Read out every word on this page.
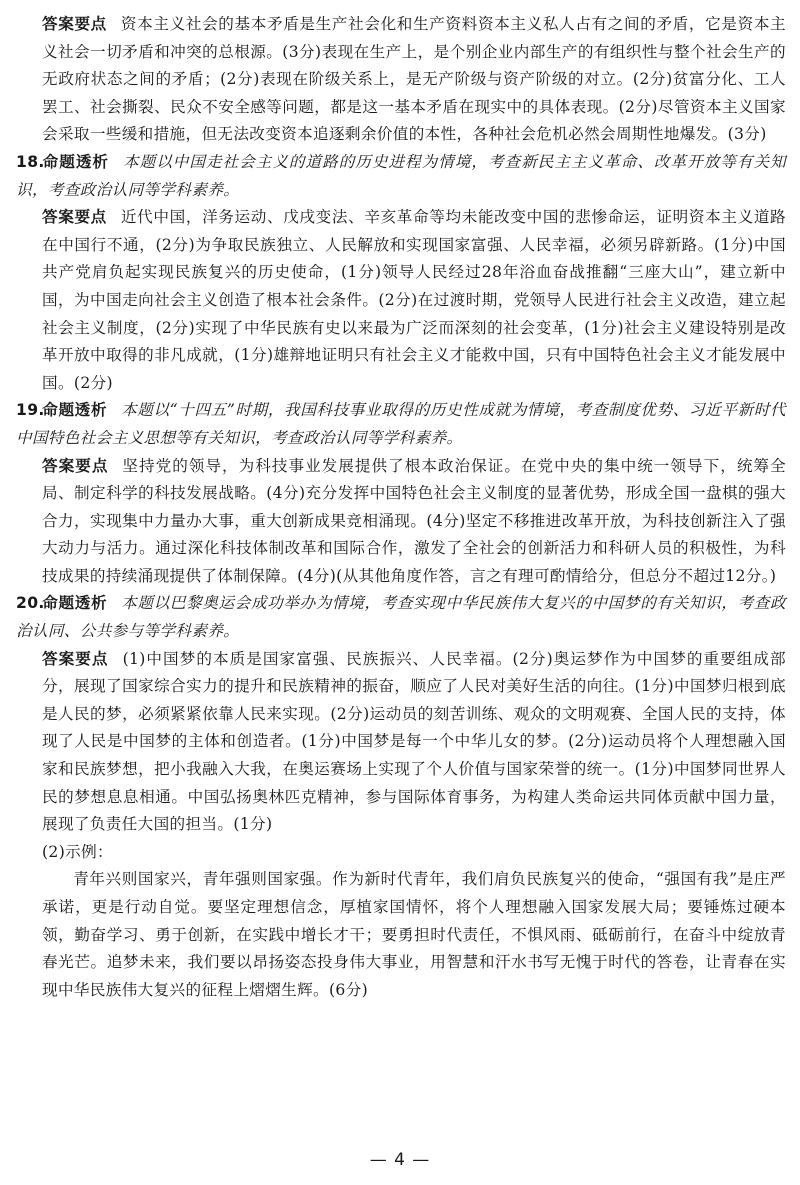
答案要点 资本主义社会的基本矛盾是生产社会化和生产资料资本主义私人占有之间的矛盾，它是资本主义社会一切矛盾和冲突的总根源。(3分)表现在生产上，是个别企业内部生产的有组织性与整个社会生产的无政府状态之间的矛盾；(2分)表现在阶级关系上，是无产阶级与资产阶级的对立。(2分)贫富分化、工人罢工、社会撕裂、民众不安全感等问题，都是这一基本矛盾在现实中的具体表现。(2分)尽管资本主义国家会采取一些缓和措施，但无法改变资本追逐剩余价值的本性，各种社会危机必然会周期性地爆发。(3分)
18.命题透析 本题以中国走社会主义的道路的历史进程为情境，考查新民主主义革命、改革开放等有关知识，考查政治认同等学科素养。
答案要点 近代中国，洋务运动、戊戌变法、辛亥革命等均未能改变中国的悲惨命运，证明资本主义道路在中国行不通，(2分)为争取民族独立、人民解放和实现国家富强、人民幸福，必须另辟新路。(1分)中国共产党肩负起实现民族复兴的历史使命，(1分)领导人民经过28年浴血奋战推翻“三座大山”，建立新中国，为中国走向社会主义创造了根本社会条件。(2分)在过渡时期，党领导人民进行社会主义改造，建立起社会主义制度，(2分)实现了中华民族有史以来最为广泛而深刻的社会变革，(1分)社会主义建设特别是改革开放中取得的非凡成就，(1分)雄辩地证明只有社会主义才能救中国，只有中国特色社会主义才能发展中国。(2分)
19.命题透析 本题以“十四五”时期，我国科技事业取得的历史性成就为情境，考查制度优势、习近平新时代中国特色社会主义思想等有关知识，考查政治认同等学科素养。
答案要点 坚持党的领导，为科技事业发展提供了根本政治保证。在党中央的集中统一领导下，统筹全局、制定科学的科技发展战略。(4分)充分发挥中国特色社会主义制度的显著优势，形成全国一盘棋的强大合力，实现集中力量办大事，重大创新成果竞相涌现。(4分)坚定不移推进改革开放，为科技创新注入了强大动力与活力。通过深化科技体制改革和国际合作，激发了全社会的创新活力和科研人员的积极性，为科技成果的持续涌现提供了体制保障。(4分)(从其他角度作答，言之有理可酌情给分，但总分不超过12分。)
20.命题透析 本题以巴黎奥运会成功举办为情境，考查实现中华民族伟大复兴的中国梦的有关知识，考查政治认同、公共参与等学科素养。
答案要点 (1)中国梦的本质是国家富强、民族振兴、人民幸福。(2分)奥运梦作为中国梦的重要组成部分，展现了国家综合实力的提升和民族精神的振奋，顺应了人民对美好生活的向往。(1分)中国梦归根到底是人民的梦，必须紧紧依靠人民来实现。(2分)运动员的刻苦训练、观众的文明观赛、全国人民的支持，体现了人民是中国梦的主体和创造者。(1分)中国梦是每一个中华儿女的梦。(2分)运动员将个人理想融入国家和民族梦想，把小我融入大我，在奥运赛场上实现了个人价值与国家荣誉的统一。(1分)中国梦同世界人民的梦想息息相通。中国弘扬奥林匹克精神，参与国际体育事务，为构建人类命运共同体贡献中国力量，展现了负责任大国的担当。(1分)
(2)示例：

青年兴则国家兴，青年强则国家强。作为新时代青年，我们肩负民族复兴的使命，“强国有我”是庄严承诺，更是行动自觉。要坚定理想信念，厚植家国情怀，将个人理想融入国家发展大局；要锤炼过硬本领，勤奋学习、勇于创新，在实践中增长才干；要勇担时代责任，不惧风雨、砥砺前行，在奋斗中绽放青春光芒。追梦未来，我们要以昂扬姿态投身伟大事业，用智慧和汗水书写无愧于时代的答卷，让青春在实现中华民族伟大复兴的征程上熠熠生辉。(6分)

— 4 —
